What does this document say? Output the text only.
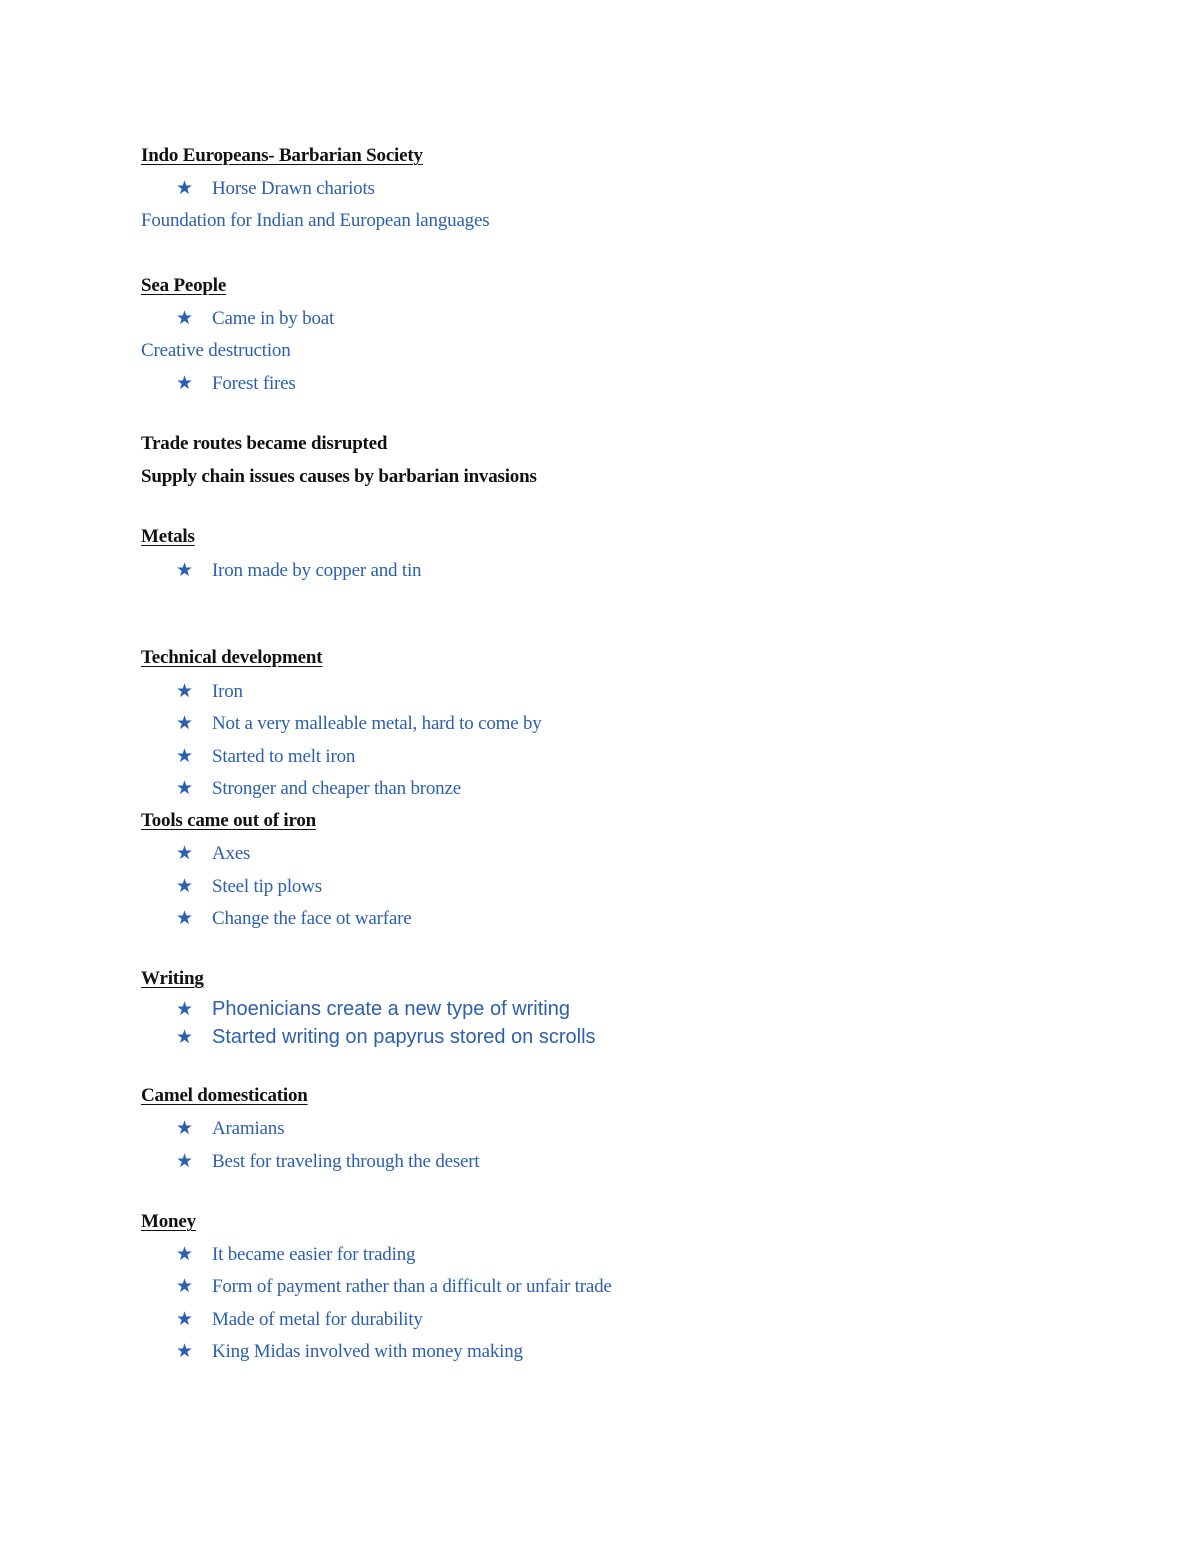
Indo Europeans- Barbarian Society
★ Horse Drawn chariots
Foundation for Indian and European languages
Sea People
★ Came in by boat
Creative destruction
★ Forest fires
Trade routes became disrupted
Supply chain issues causes by barbarian invasions
Metals
★ Iron made by copper and tin
Technical development
★ Iron
★ Not a very malleable metal, hard to come by
★ Started to melt iron
★ Stronger and cheaper than bronze
Tools came out of iron
★ Axes
★ Steel tip plows
★ Change the face ot warfare
Writing
★ Phoenicians create a new type of writing
★ Started writing on papyrus stored on scrolls
Camel domestication
★ Aramians
★ Best for traveling through the desert
Money
★ It became easier for trading
★ Form of payment rather than a difficult or unfair trade
★ Made of metal for durability
★ King Midas involved with money making
